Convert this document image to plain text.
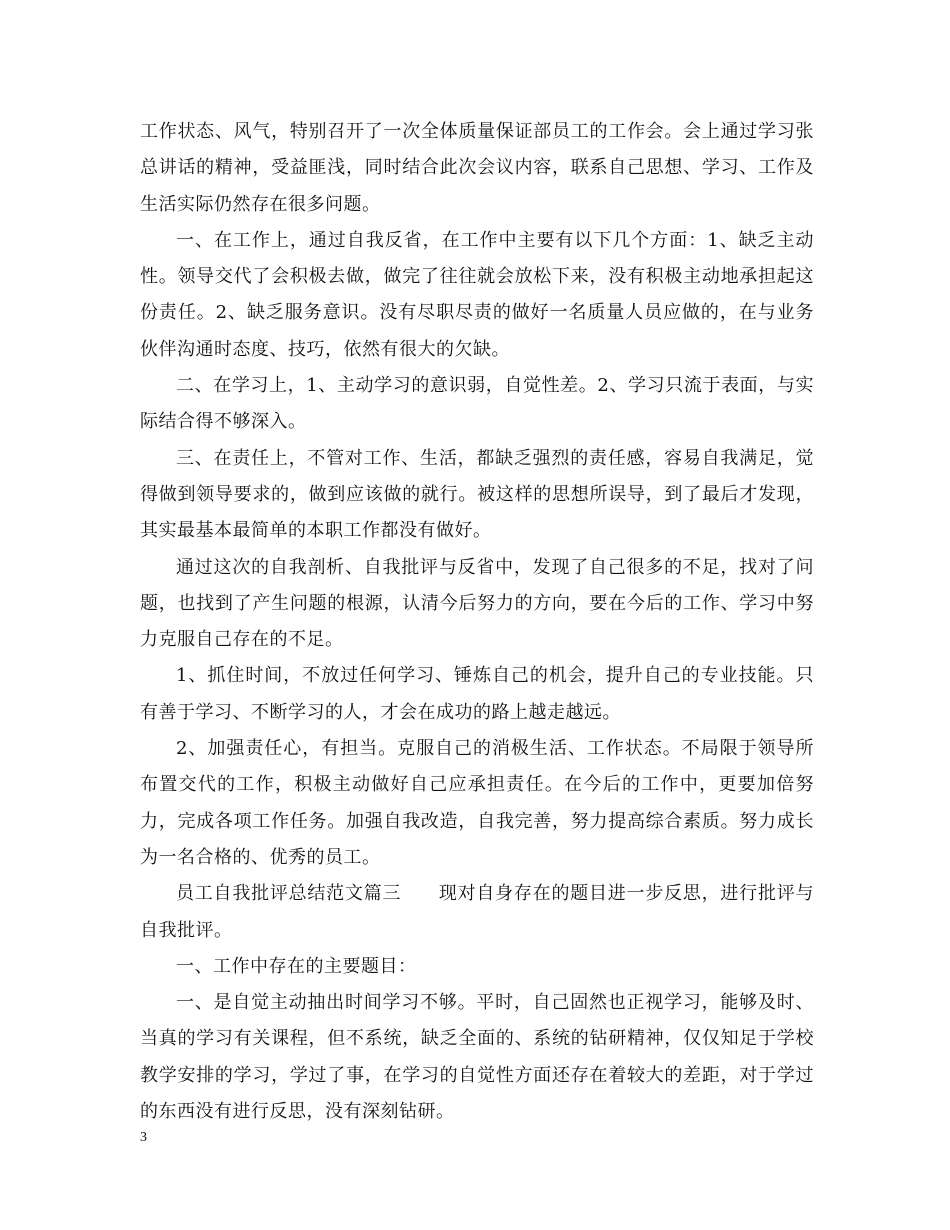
工作状态、风气，特别召开了一次全体质量保证部员工的工作会。会上通过学习张总讲话的精神，受益匪浅，同时结合此次会议内容，联系自己思想、学习、工作及生活实际仍然存在很多问题。

一、在工作上，通过自我反省，在工作中主要有以下几个方面：1、缺乏主动性。领导交代了会积极去做，做完了往往就会放松下来，没有积极主动地承担起这份责任。2、缺乏服务意识。没有尽职尽责的做好一名质量人员应做的，在与业务伙伴沟通时态度、技巧，依然有很大的欠缺。

二、在学习上，1、主动学习的意识弱，自觉性差。2、学习只流于表面，与实际结合得不够深入。

三、在责任上，不管对工作、生活，都缺乏强烈的责任感，容易自我满足，觉得做到领导要求的，做到应该做的就行。被这样的思想所误导，到了最后才发现，其实最基本最简单的本职工作都没有做好。

通过这次的自我剖析、自我批评与反省中，发现了自己很多的不足，找对了问题，也找到了产生问题的根源，认清今后努力的方向，要在今后的工作、学习中努力克服自己存在的不足。

1、抓住时间，不放过任何学习、锤炼自己的机会，提升自己的专业技能。只有善于学习、不断学习的人，才会在成功的路上越走越远。

2、加强责任心，有担当。克服自己的消极生活、工作状态。不局限于领导所布置交代的工作，积极主动做好自己应承担责任。在今后的工作中，更要加倍努力，完成各项工作任务。加强自我改造，自我完善，努力提高综合素质。努力成长为一名合格的、优秀的员工。

员工自我批评总结范文篇三　　现对自身存在的题目进一步反思，进行批评与自我批评。

一、工作中存在的主要题目：

一、是自觉主动抽出时间学习不够。平时，自己固然也正视学习，能够及时、当真的学习有关课程，但不系统，缺乏全面的、系统的钻研精神，仅仅知足于学校教学安排的学习，学过了事，在学习的自觉性方面还存在着较大的差距，对于学过的东西没有进行反思，没有深刻钻研。

3
